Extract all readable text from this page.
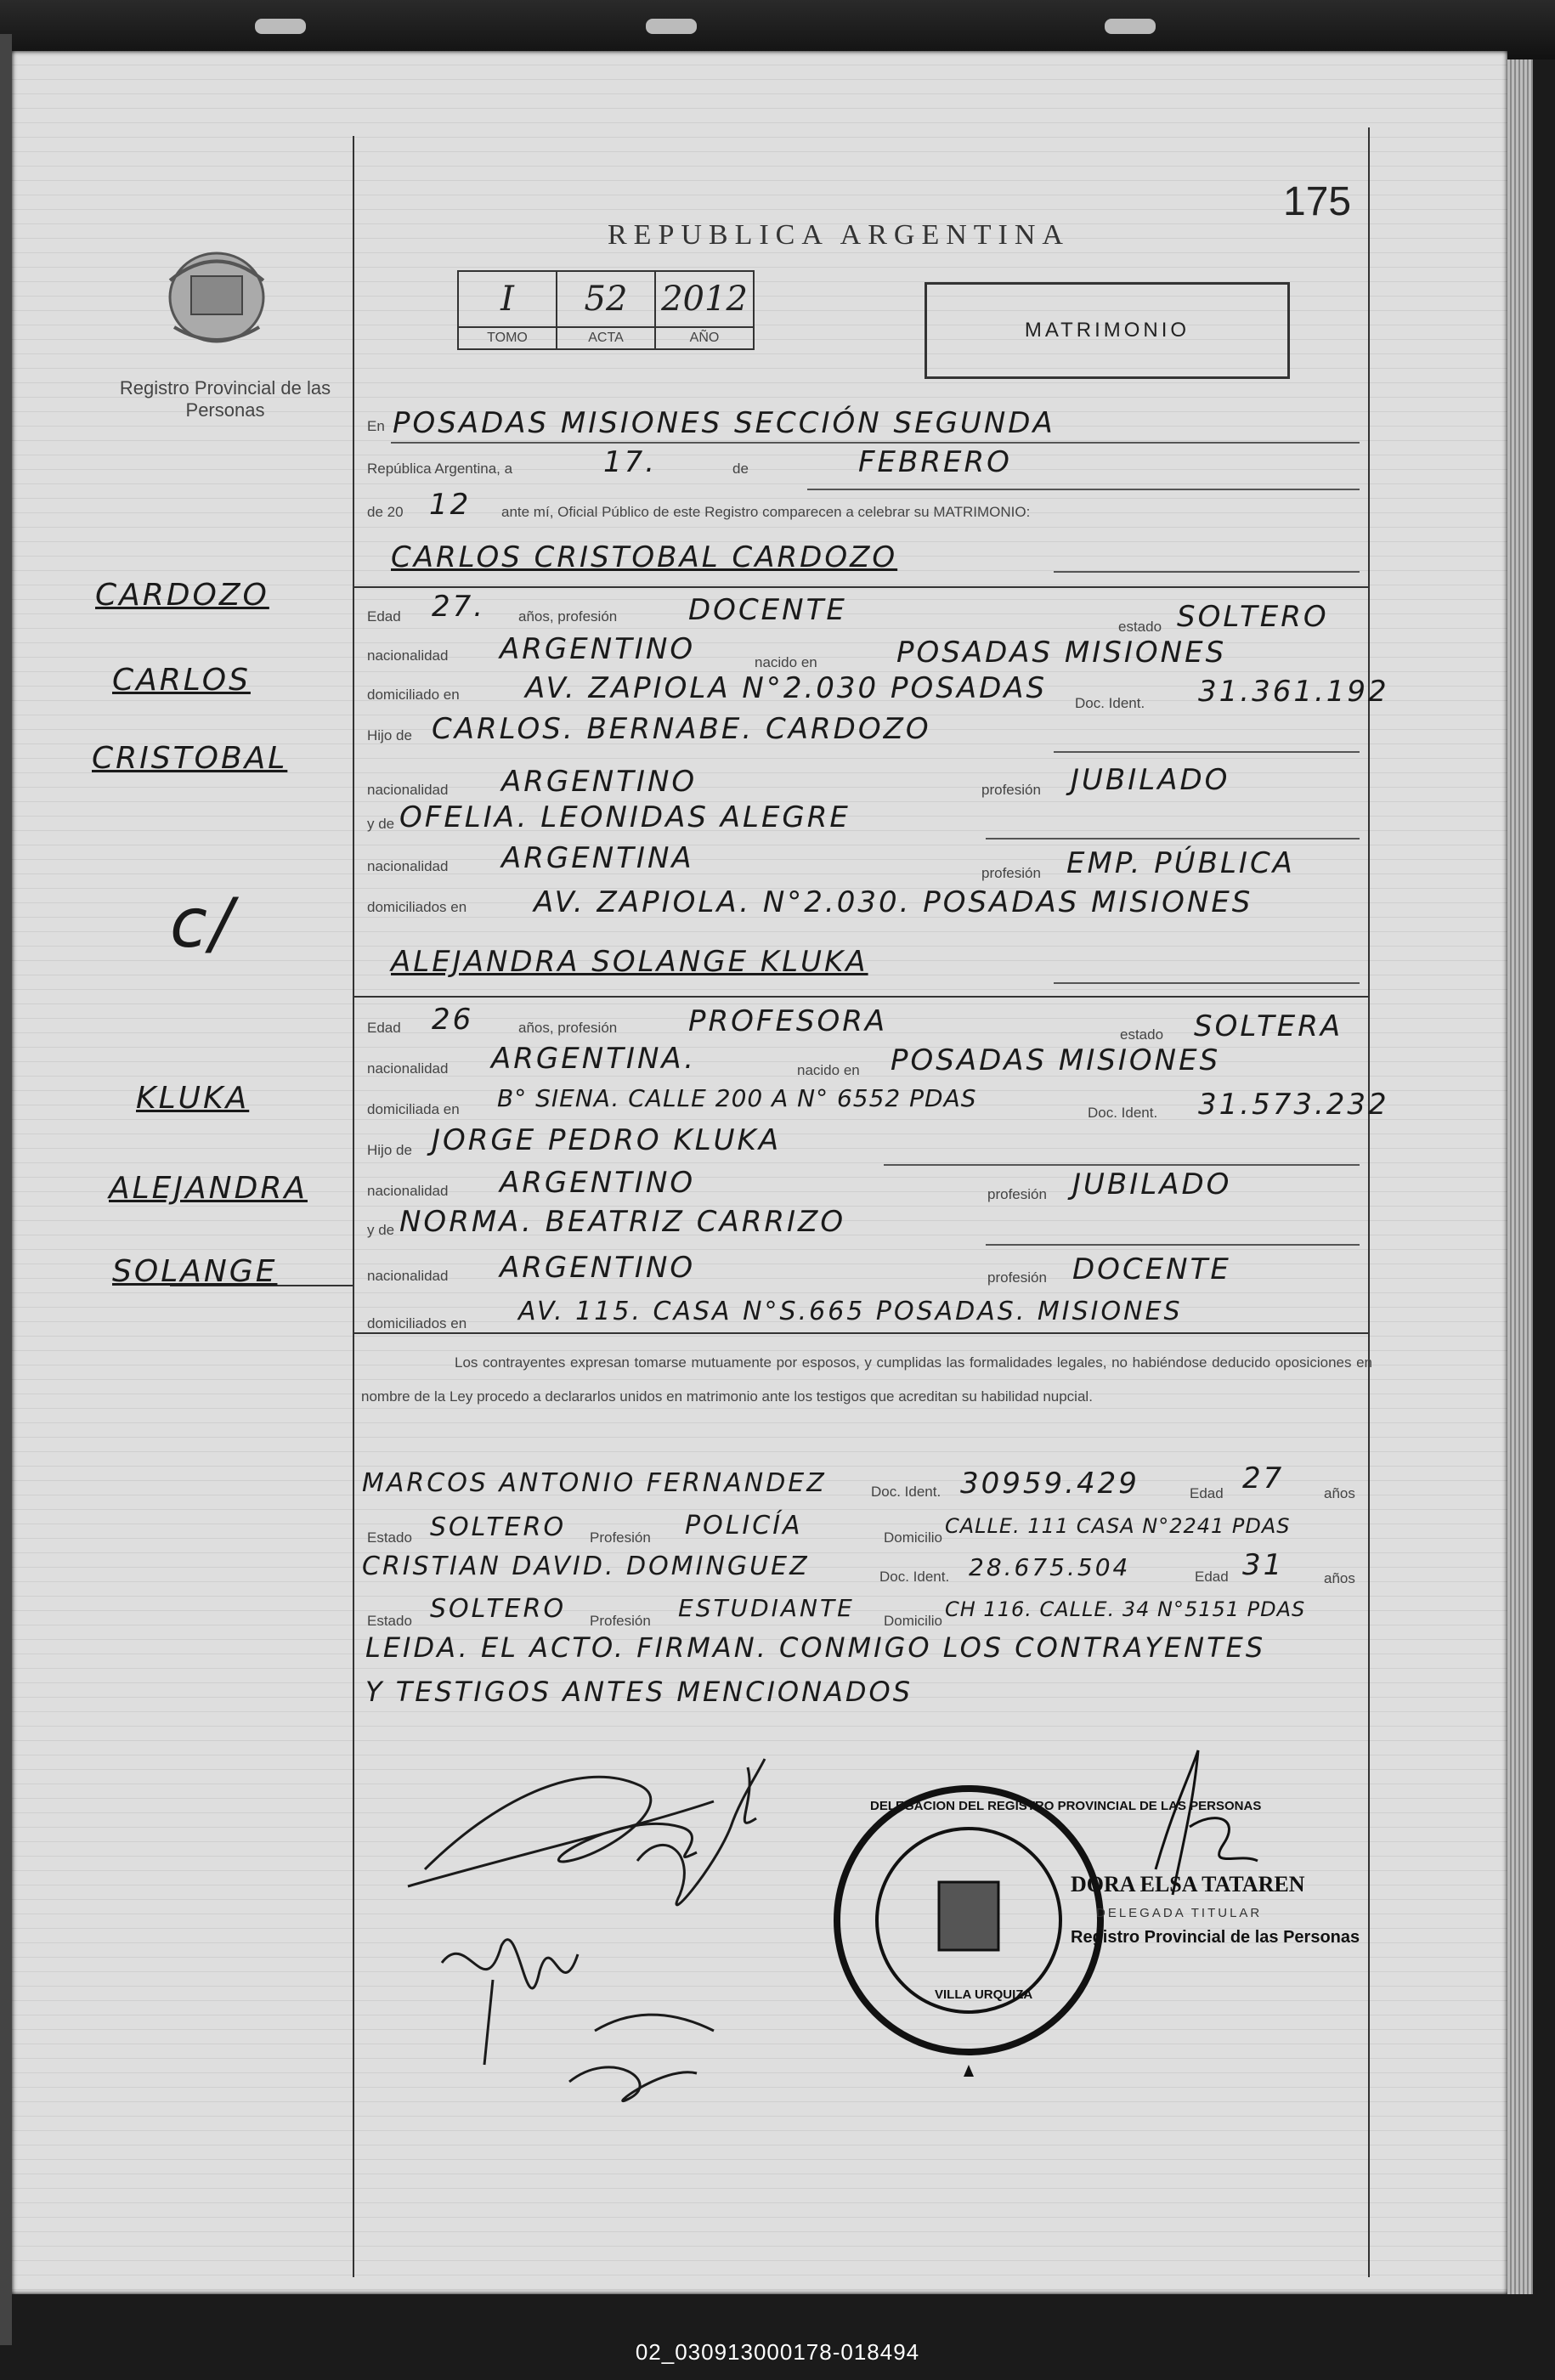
175
REPUBLICA ARGENTINA
Registro Provincial de las Personas
I	52	2012
TOMO	ACTA	AÑO	MATRIMONIO
CARDOZO
CARLOS
CRISTOBAL
c/
KLUKA
ALEJANDRA
SOLANGE
En POSADAS MISIONES SECCIÓN SEGUNDA
República Argentina, a	17.	de	FEBRERO
de 20 12 ante mí, Oficial Público de este Registro comparecen a celebrar su MATRIMONIO:
CARLOS CRISTOBAL CARDOZO
Edad 27. años, profesión DOCENTE	estado SOLTERO
nacionalidad ARGENTINO	nacido en	POSADAS MISIONES
domiciliado en AV. ZAPIOLA N°2.030 POSADAS Doc. Ident. 31.361.192
Hijo de CARLOS. BERNABE. CARDOZO
nacionalidad ARGENTINO	profesión JUBILADO
y de OFELIA. LEONIDAS ALEGRE
nacionalidad ARGENTINA	profesión EMP. PÚBLICA
domiciliados en AV. ZAPIOLA. N°2.030. POSADAS MISIONES
ALEJANDRA SOLANGE KLUKA
Edad 26	años, profesión PROFESORA	estado SOLTERA
nacionalidad ARGENTINA.	nacido en POSADAS MISIONES
domiciliada en B° SIENA. CALLE 200 A N° 6552 PDAS
Doc. Ident. 31.573.232
Hijo de JORGE PEDRO KLUKA
nacionalidad ARGENTINO	profesión JUBILADO
y de NORMA. BEATRIZ CARRIZO
nacionalidad ARGENTINO	profesión DOCENTE
domiciliados en AV. 115. CASA N°S.665 POSADAS. MISIONES
Los contrayentes expresan tomarse mutuamente por esposos, y cumplidas las formalidades legales, no habiéndose deducido oposiciones en nombre de la Ley procedo a declararlos unidos en matrimonio ante los testigos que acreditan su habilidad nupcial.
MARCOS ANTONIO FERNANDEZ	Doc. Ident. 30959.429	Edad 27	años
Estado SOLTERO Profesión POLICÍA	Domicilio CALLE. 111 CASA N°2241 PDAS
CRISTIAN DAVID. DOMINGUEZ	Doc. Ident. 28.675.504	Edad 31	años
Estado SOLTERO Profesión ESTUDIANTE Domicilio CH 116. CALLE. 34 N°5151 PDAS
LEIDA. EL ACTO. FIRMAN. CONMIGO LOS CONTRAYENTES
Y TESTIGOS ANTES MENCIONADOS
DELEGACION DEL REGISTRO PROVINCIAL DE LAS PERSONAS
VILLA URQUIZA
DORA ELSA TATAREN
DELEGADA TITULAR
Registro Provincial de las Personas
02_030913000178-018494
